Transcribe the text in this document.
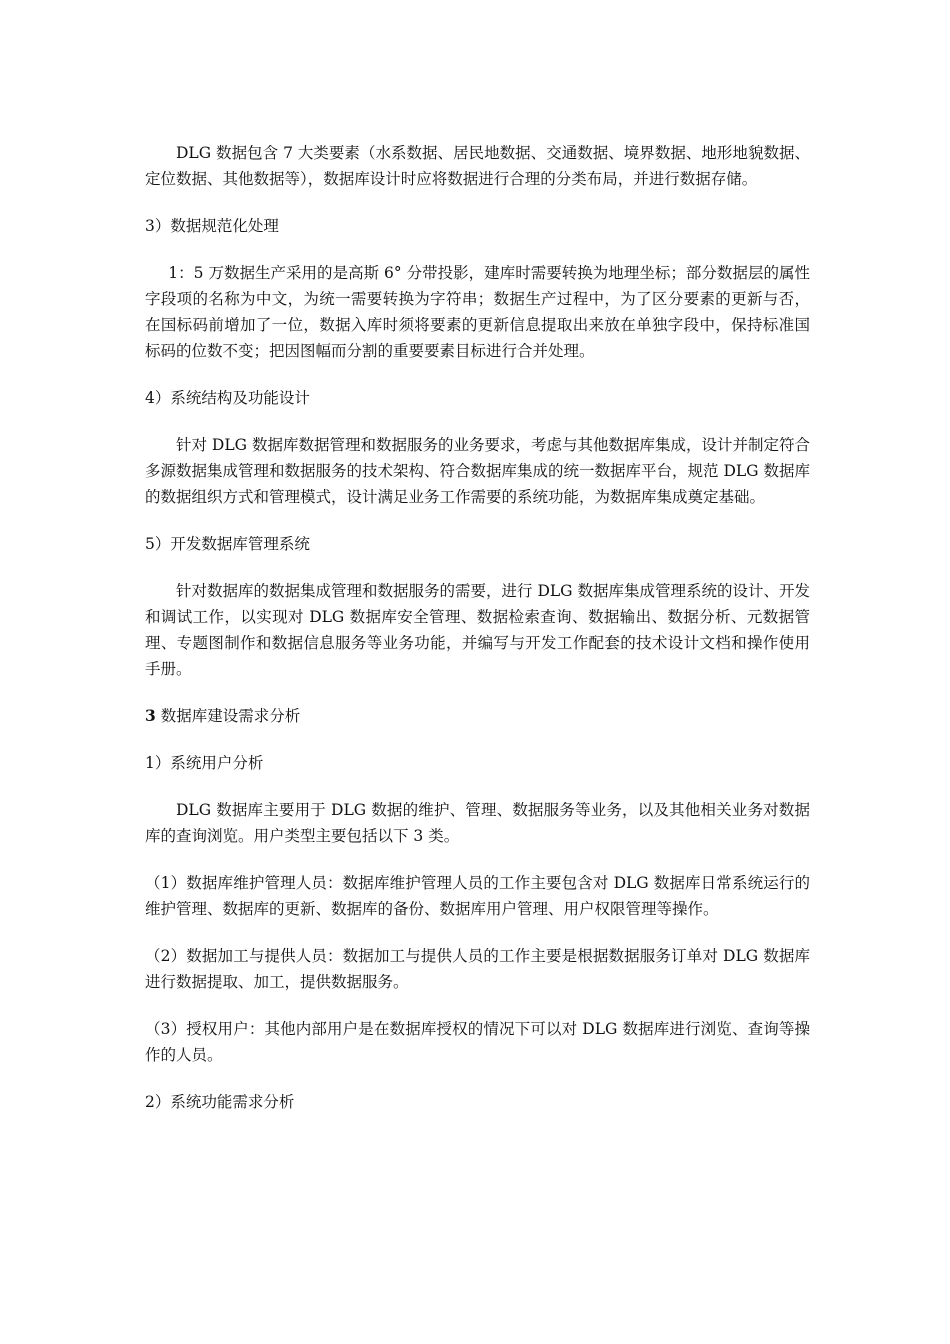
DLG 数据包含 7 大类要素（水系数据、居民地数据、交通数据、境界数据、地形地貌数据、定位数据、其他数据等），数据库设计时应将数据进行合理的分类布局，并进行数据存储。

3）数据规范化处理

1：5 万数据生产采用的是高斯 6° 分带投影，建库时需要转换为地理坐标；部分数据层的属性字段项的名称为中文，为统一需要转换为字符串；数据生产过程中，为了区分要素的更新与否，在国标码前增加了一位，数据入库时须将要素的更新信息提取出来放在单独字段中，保持标准国标码的位数不变；把因图幅而分割的重要要素目标进行合并处理。

4）系统结构及功能设计

针对 DLG 数据库数据管理和数据服务的业务要求，考虑与其他数据库集成，设计并制定符合多源数据集成管理和数据服务的技术架构、符合数据库集成的统一数据库平台，规范 DLG 数据库的数据组织方式和管理模式，设计满足业务工作需要的系统功能，为数据库集成奠定基础。

5）开发数据库管理系统

针对数据库的数据集成管理和数据服务的需要，进行 DLG 数据库集成管理系统的设计、开发和调试工作，以实现对 DLG 数据库安全管理、数据检索查询、数据输出、数据分析、元数据管理、专题图制作和数据信息服务等业务功能，并编写与开发工作配套的技术设计文档和操作使用手册。

3 数据库建设需求分析

1）系统用户分析

DLG 数据库主要用于 DLG 数据的维护、管理、数据服务等业务，以及其他相关业务对数据库的查询浏览。用户类型主要包括以下 3 类。

（1）数据库维护管理人员：数据库维护管理人员的工作主要包含对 DLG 数据库日常系统运行的维护管理、数据库的更新、数据库的备份、数据库用户管理、用户权限管理等操作。

（2）数据加工与提供人员：数据加工与提供人员的工作主要是根据数据服务订单对 DLG 数据库进行数据提取、加工，提供数据服务。

（3）授权用户：其他内部用户是在数据库授权的情况下可以对 DLG 数据库进行浏览、查询等操作的人员。

2）系统功能需求分析
